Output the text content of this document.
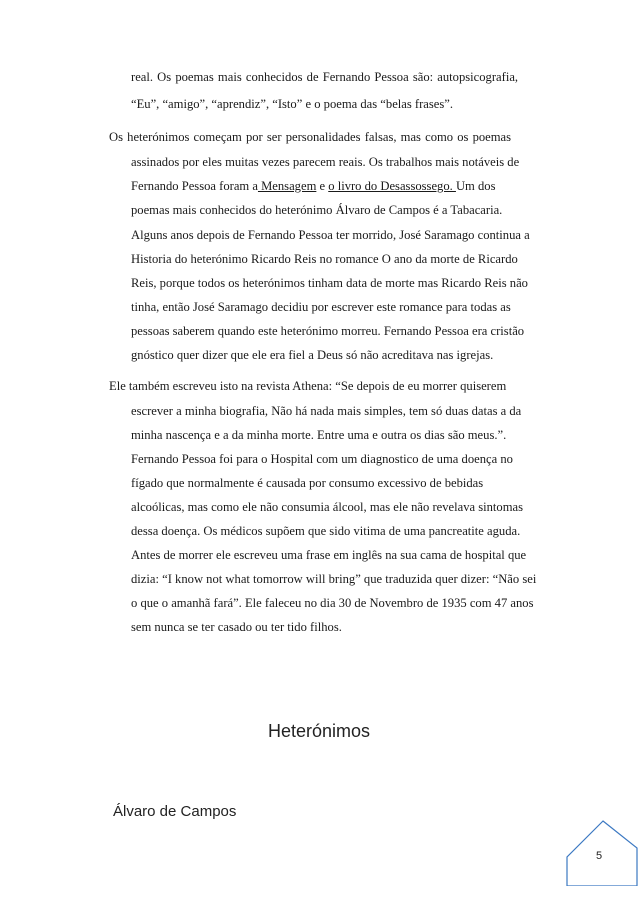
real. Os poemas mais conhecidos de Fernando Pessoa são: autopsicografia,
“Eu”, “amigo”, “aprendiz”, “Isto” e o poema das “belas frases”.
Os heterónimos começam por ser personalidades falsas, mas como os poemas
assinados por eles muitas vezes parecem reais. Os trabalhos mais notáveis de
Fernando Pessoa foram a Mensagem e o livro do Desassossego. Um dos
poemas mais conhecidos do heterónimo Álvaro de Campos é a Tabacaria.
Alguns anos depois de Fernando Pessoa ter morrido, José Saramago continua a
Historia do heterónimo Ricardo Reis no romance O ano da morte de Ricardo
Reis, porque todos os heterónimos tinham data de morte mas Ricardo Reis não
tinha, então José Saramago decidiu por escrever este romance para todas as
pessoas saberem quando este heterónimo morreu. Fernando Pessoa era cristão
gnóstico quer dizer que ele era fiel a Deus só não acreditava nas igrejas.
Ele também escreveu isto na revista Athena: “Se depois de eu morrer quiserem
escrever a minha biografia, Não há nada mais simples, tem só duas datas a da
minha nascença e a da minha morte. Entre uma e outra os dias são meus.”.
Fernando Pessoa foi para o Hospital com um diagnostico de uma doença no
fígado que normalmente é causada por consumo excessivo de bebidas
alcoólicas, mas como ele não consumia álcool, mas ele não revelava sintomas
dessa doença. Os médicos supõem que sido vitima de uma pancreatite aguda.
Antes de morrer ele escreveu uma frase em inglês na sua cama de hospital que
dizia: “I know not what tomorrow will bring” que traduzida quer dizer: “Não sei
o que o amanhã fará”. Ele faleceu no dia 30 de Novembro de 1935 com 47 anos
sem nunca se ter casado ou ter tido filhos.
Heterónimos
Álvaro de Campos
5
